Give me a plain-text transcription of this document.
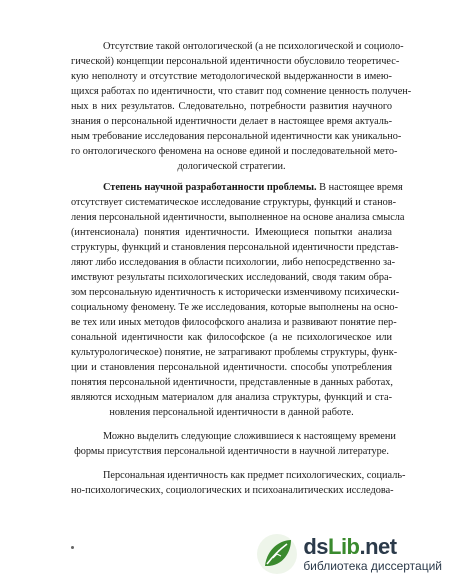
Отсутствие такой онтологической (а не психологической и социоло-
гической) концепции персональной идентичности обусловило теоретичес-
кую неполноту и отсутствие методологической выдержанности в имею-
щихся работах по идентичности, что ставит под сомнение ценность получен-
ных в них результатов. Следовательно, потребности развития научного
знания о персональной идентичности делает в настоящее время актуаль-
ным требование исследования персональной идентичности как уникально-
го онтологического феномена на основе единой и последовательной мето-
дологической стратегии.
Степень научной разработанности проблемы. В настоящее время
отсутствует систематическое исследование структуры, функций и станов-
ления персональной идентичности, выполненное на основе анализа смысла
(интенсионала) понятия идентичности. Имеющиеся попытки анализа
структуры, функций и становления персональной идентичности представ-
ляют либо исследования в области психологии, либо непосредственно за-
имствуют результаты психологических исследований, сводя таким обра-
зом персональную идентичность к исторически изменчивому психически-
социальному феномену. Те же исследования, которые выполнены на осно-
ве тех или иных методов философского анализа и развивают понятие пер-
сональной идентичности как философское (а не психологическое или
культурологическое) понятие, не затрагивают проблемы структуры, функ-
ции и становления персональной идентичности. способы употребления
понятия персональной идентичности, представленные в данных работах,
являются исходным материалом для анализа структуры, функций и ста-
новления персональной идентичности в данной работе.
Можно выделить следующие сложившиеся к настоящему времени
формы присутствия персональной идентичности в научной литературе.
Персональная идентичность как предмет психологических, социаль-
но-психологических, социологических и психоаналитических исследова-
dsLib.net
библиотека диссертаций
